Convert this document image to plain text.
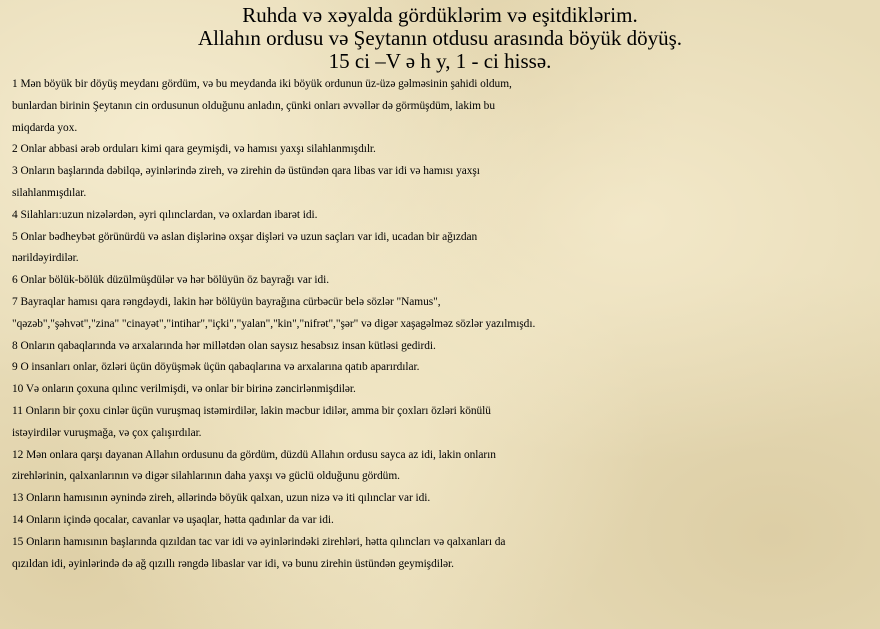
Ruhda və xəyalda gördüklərim və eşitdiklərim.
Allahın ordusu və Şeytanın otdusu arasında böyük döyüş.
15 ci –V ə h y, 1 - ci hissə.

1 Mən böyük bir döyüş meydanı gördüm, və bu meydanda iki böyük ordunun üz-üzə gəlməsinin şahidi oldum,

bunlardan birinin Şeytanın cin ordusunun olduğunu anladın, çünki onları əvvəllər də görmüşdüm, lakim bu

miqdarda yox.

2 Onlar abbasi ərəb orduları kimi qara geymişdi, və hamısı yaxşı silahlanmışdılr.

3 Onların başlarında dəbilqə, əyinlərində zireh, və zirehin də üstündən qara libas var idi və hamısı yaxşı

silahlanmışdılar.

4 Silahları:uzun nizələrdən, əyri qılınclardan, və oxlardan ibarət idi.

5 Onlar bədheybət görünürdü və aslan dişlərinə oxşar dişləri və uzun saçları var idi, ucadan bir ağızdan

nərildəyirdilər.

6 Onlar bölük-bölük düzülmüşdülər və hər bölüyün öz bayrağı var idi.

7 Bayraqlar hamısı qara rəngdəydi, lakin hər bölüyün bayrağına cürbəcür belə sözlər "Namus",

"qəzəb","şəhvət","zina" "cinayət","intihar","içki","yalan","kin","nifrət","şər" və digər xaşagəlməz sözlər yazılmışdı.

8 Onların qabaqlarında və arxalarında hər millətdən olan saysız hesabsız insan kütləsi gedirdi.

9 O insanları onlar, özləri üçün döyüşmək üçün qabaqlarına və arxalarına qatıb aparırdılar.

10 Və onların çoxuna qılınc verilmişdi, və onlar bir birinə zəncirlənmişdilər.

11 Onların bir çoxu cinlər üçün vuruşmaq istəmirdilər, lakin məcbur idilər, amma bir çoxları özləri könülü

istəyirdilər vuruşmağa, və çox çalışırdılar.

12 Mən onlara qarşı dayanan Allahın ordusunu da gördüm, düzdü Allahın ordusu sayca az idi, lakin onların

zirehlərinin, qalxanlarının və digər silahlarının daha yaxşı və güclü olduğunu gördüm.

13 Onların hamısının əynində zireh, əllərində böyük qalxan, uzun nizə və iti qılınclar var idi.

14 Onların içində qocalar, cavanlar və uşaqlar, hətta qadınlar da var idi.

15 Onların hamısının başlarında qızıldan tac var idi və əyinlərindəki zirehləri, hətta qılıncları və qalxanları da

qızıldan idi, əyinlərində də ağ qızıllı rəngdə libaslar var idi, və bunu zirehin üstündən geymişdilər.
